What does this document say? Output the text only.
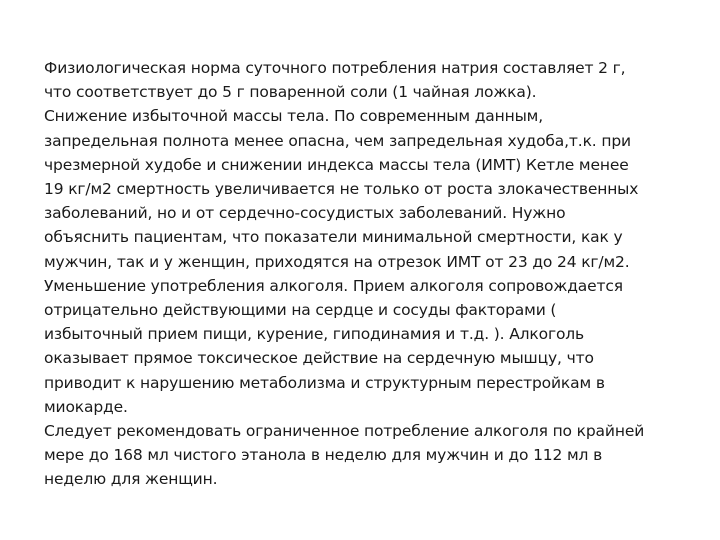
Физиологическая норма суточного потребления натрия составляет 2 г,
что соответствует до 5 г поваренной соли (1 чайная ложка).
Снижение избыточной массы тела. По современным данным,
запредельная полнота менее опасна, чем запредельная худоба,т.к. при
чрезмерной худобе и снижении индекса массы тела (ИМТ) Кетле менее
19 кг/м2 смертность увеличивается не только от роста злокачественных
заболеваний, но и от сердечно-сосудистых заболеваний. Нужно
объяснить пациентам, что показатели минимальной смертности, как у
мужчин, так и у женщин, приходятся на отрезок ИМТ от 23 до 24 кг/м2.
Уменьшение употребления алкоголя. Прием алкоголя сопровождается
отрицательно действующими на сердце и сосуды факторами (
избыточный прием пищи, курение, гиподинамия и т.д. ). Алкоголь
оказывает прямое токсическое действие на сердечную мышцу, что
приводит к нарушению метаболизма и структурным перестройкам в
миокарде.
Следует рекомендовать ограниченное потребление алкоголя по крайней
мере до 168 мл чистого этанола в неделю для мужчин и до 112 мл в
неделю для женщин.
